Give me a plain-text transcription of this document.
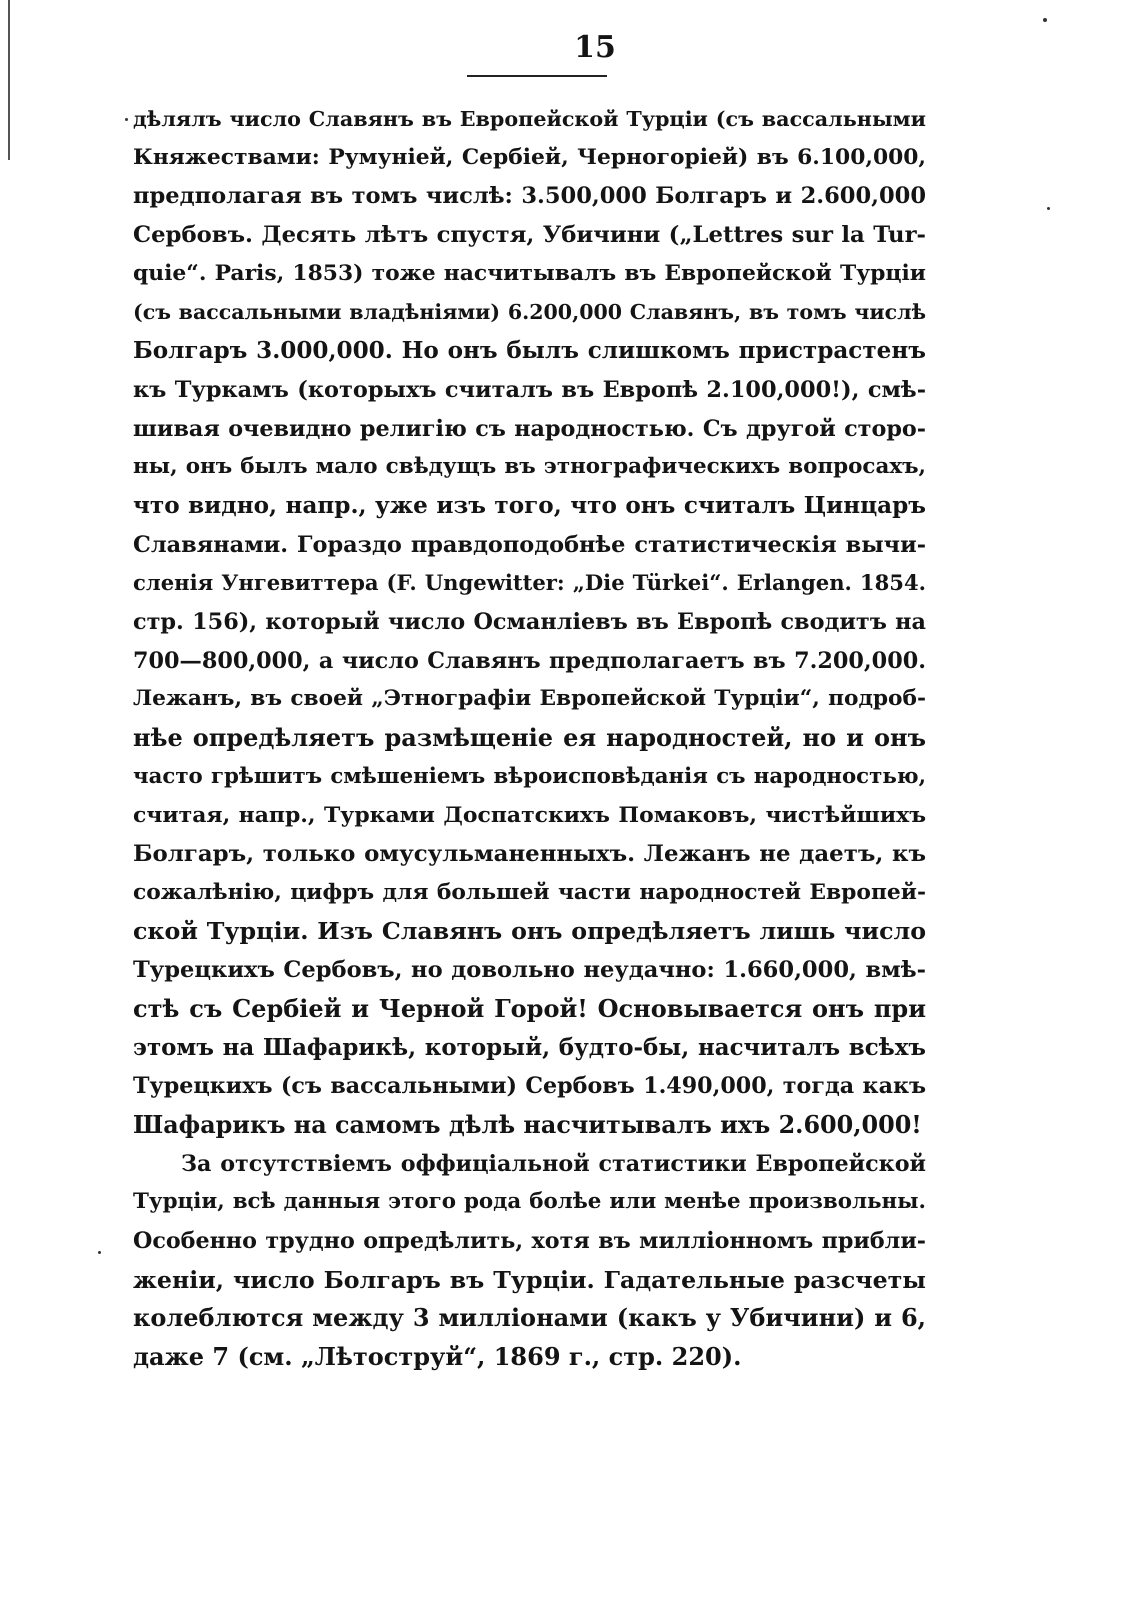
15
дѣлялъ число Славянъ въ Европейской Турціи (съ вассальными
Княжествами: Румуніей, Сербіей, Черногоріей) въ 6.100,000,
предполагая въ томъ числѣ: 3.500,000 Болгаръ и 2.600,000
Сербовъ. Десять лѣтъ спустя, Убичини („Lettres sur la Tur-
quie“. Paris, 1853) тоже насчитывалъ въ Европейской Турціи
(съ вассальными владѣніями) 6.200,000 Славянъ, въ томъ числѣ
Болгаръ 3.000,000. Но онъ былъ слишкомъ пристрастенъ
къ Туркамъ (которыхъ считалъ въ Европѣ 2.100,000!), смѣ-
шивая очевидно религію съ народностью. Съ другой сторо-
ны, онъ былъ мало свѣдущъ въ этнографическихъ вопросахъ,
что видно, напр., уже изъ того, что онъ считалъ Цинцаръ
Славянами. Гораздо правдоподобнѣе статистическія вычи-
сленія Унгевиттера (F. Ungewitter: „Die Türkei“. Erlangen. 1854.
стр. 156), который число Османліевъ въ Европѣ сводитъ на
700—800,000, а число Славянъ предполагаетъ въ 7.200,000.
Лежанъ, въ своей „Этнографіи Европейской Турціи“, подроб-
нѣе опредѣляетъ размѣщеніе ея народностей, но и онъ
часто грѣшитъ смѣшеніемъ вѣроисповѣданія съ народностью,
считая, напр., Турками Доспатскихъ Помаковъ, чистѣйшихъ
Болгаръ, только омусульманенныхъ. Лежанъ не даетъ, къ
сожалѣнію, цифръ для большей части народностей Европей-
ской Турціи. Изъ Славянъ онъ опредѣляетъ лишь число
Турецкихъ Сербовъ, но довольно неудачно: 1.660,000, вмѣ-
стѣ съ Сербіей и Черной Горой! Основывается онъ при
этомъ на Шафарикѣ, который, будто-бы, насчиталъ всѣхъ
Турецкихъ (съ вассальными) Сербовъ 1.490,000, тогда какъ
Шафарикъ на самомъ дѣлѣ насчитывалъ ихъ 2.600,000!
За отсутствіемъ оффиціальной статистики Европейской
Турціи, всѣ данныя этого рода болѣе или менѣе произвольны.
Особенно трудно опредѣлить, хотя въ милліонномъ прибли-
женіи, число Болгаръ въ Турціи. Гадательные разсчеты
колеблются между 3 милліонами (какъ у Убичини) и 6,
даже 7 (см. „Лѣтоструй“, 1869 г., стр. 220).
